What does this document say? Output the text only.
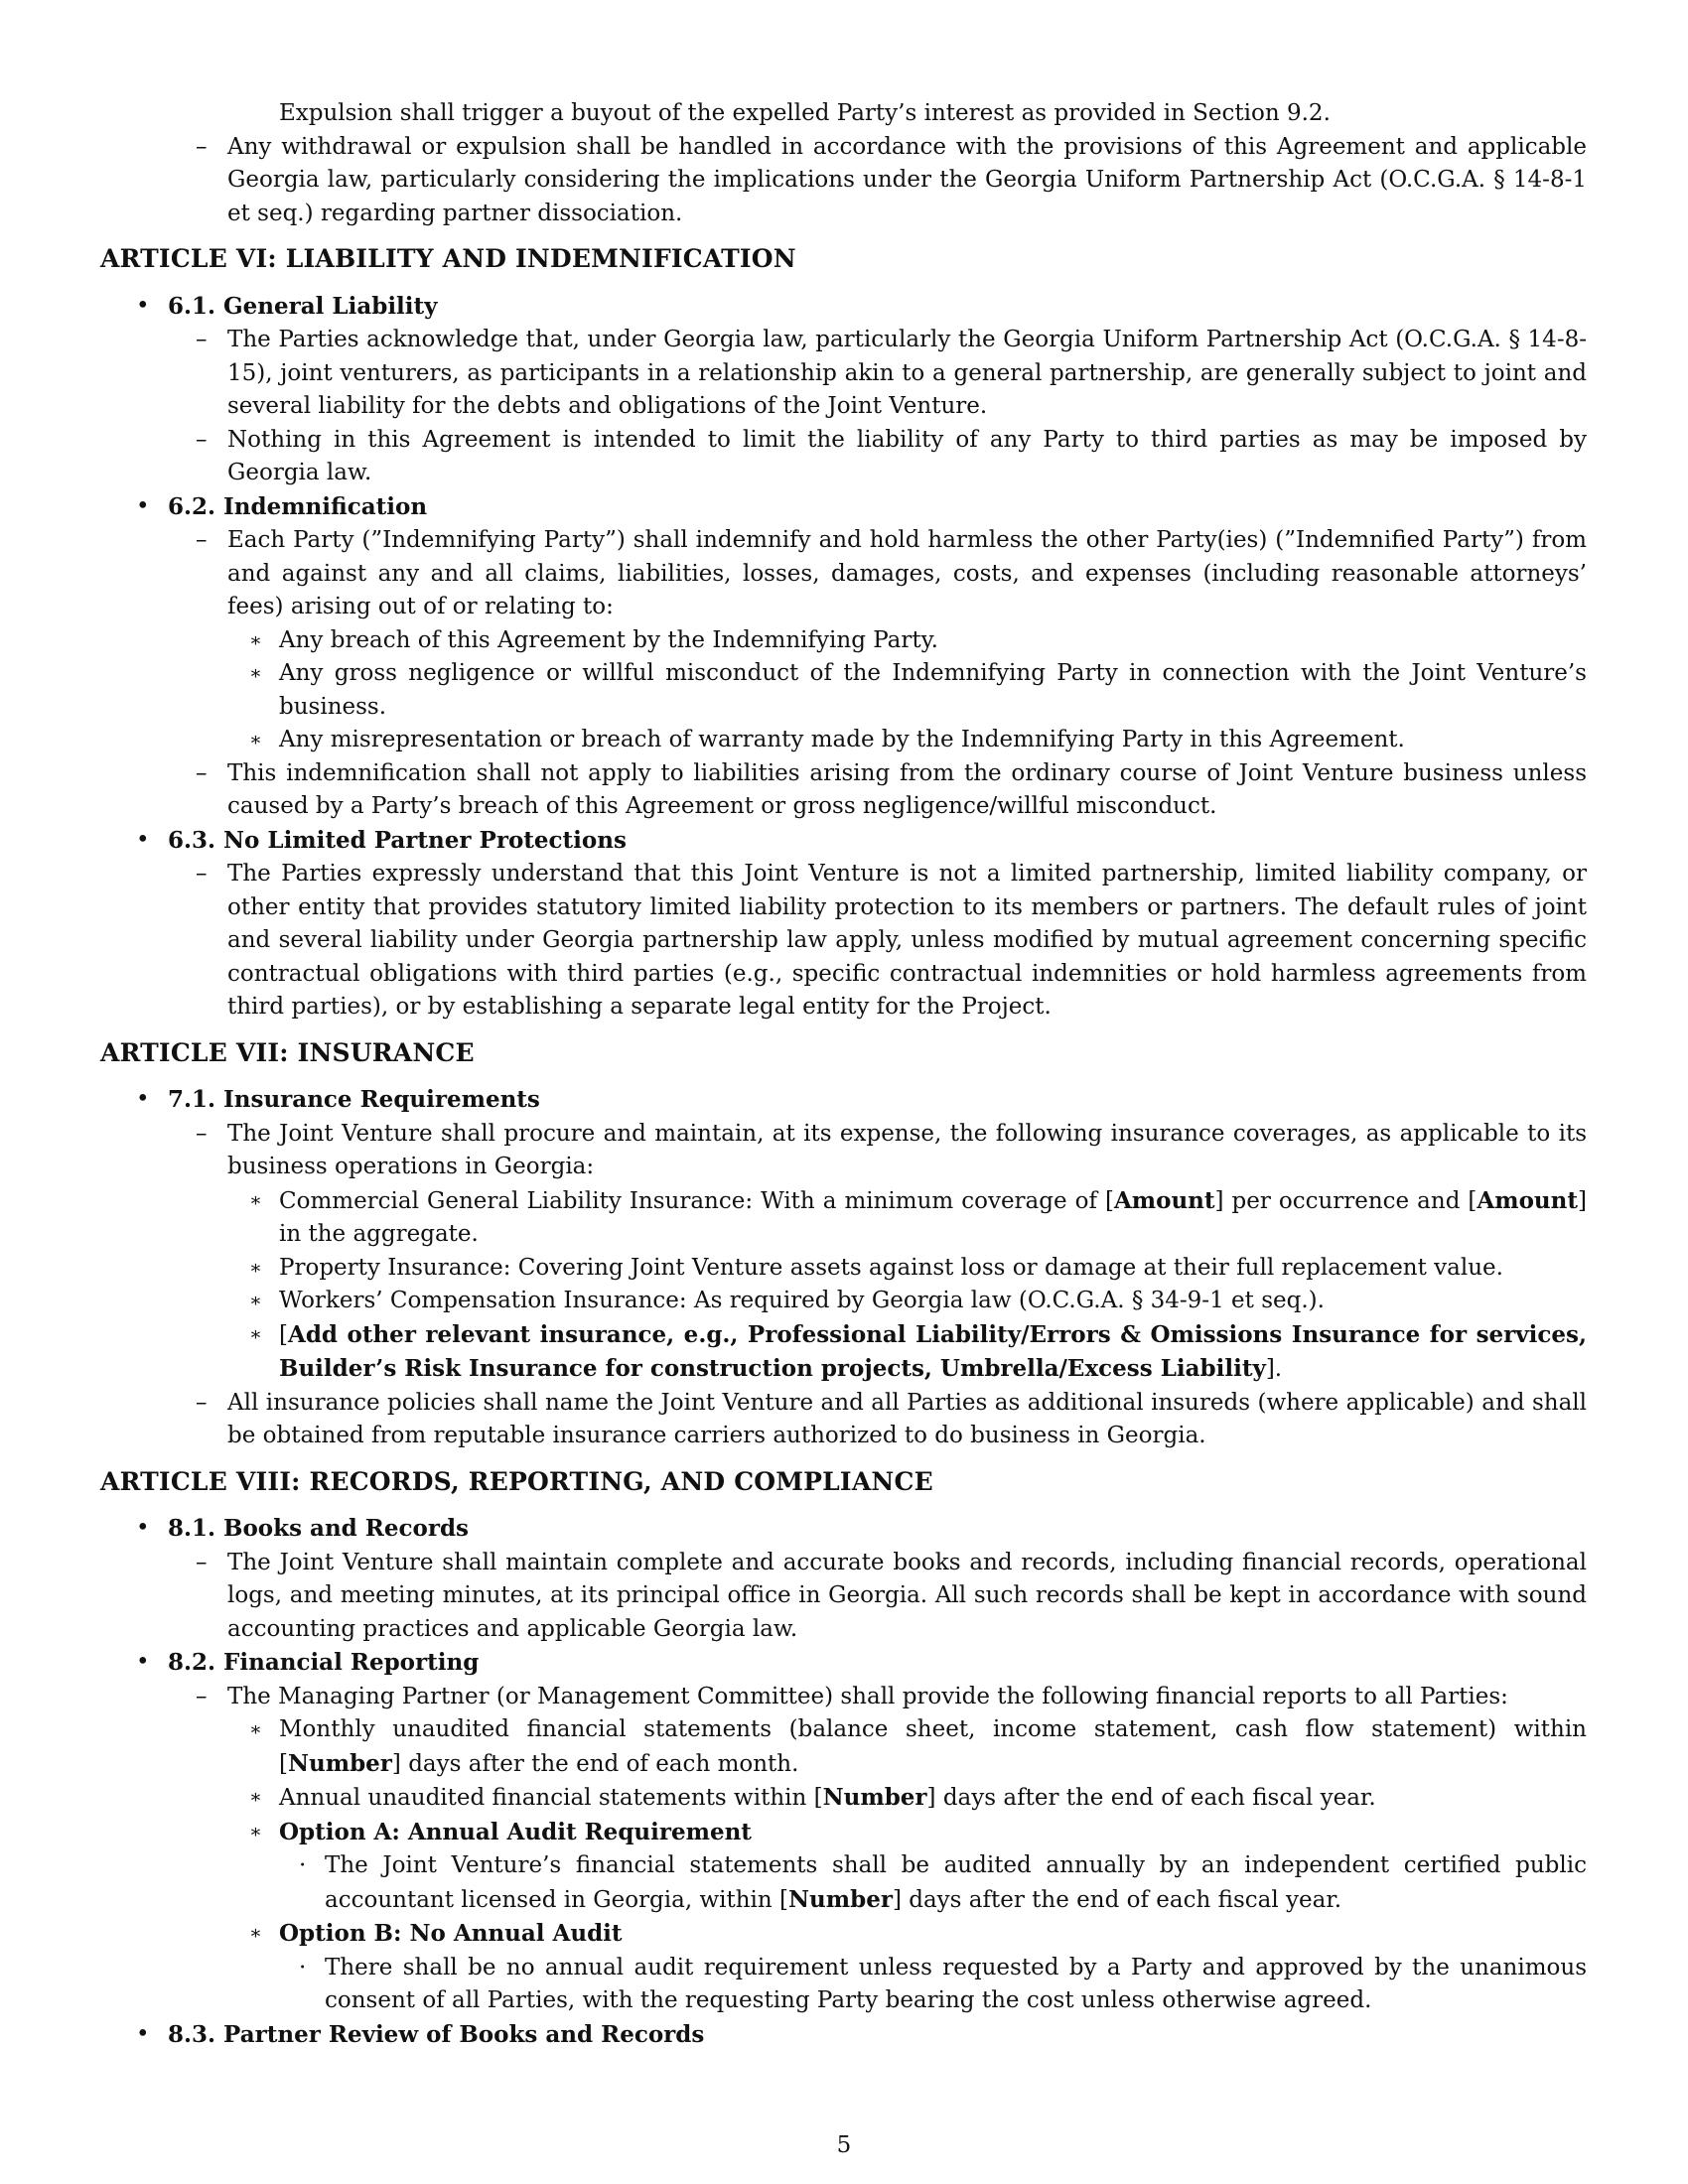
Expulsion shall trigger a buyout of the expelled Party’s interest as provided in Section 9.2.

– Any withdrawal or expulsion shall be handled in accordance with the provisions of this Agreement and applicable Georgia law, particularly considering the implications under the Georgia Uniform Partnership Act (O.C.G.A. § 14-8-1 et seq.) regarding partner dissociation.
ARTICLE VI: LIABILITY AND INDEMNIFICATION
• 6.1. General Liability
– The Parties acknowledge that, under Georgia law, particularly the Georgia Uniform Partnership Act (O.C.G.A. § 14-8-15), joint venturers, as participants in a relationship akin to a general partnership, are generally subject to joint and several liability for the debts and obligations of the Joint Venture.
– Nothing in this Agreement is intended to limit the liability of any Party to third parties as may be imposed by Georgia law.
• 6.2. Indemnification
– Each Party (”Indemnifying Party”) shall indemnify and hold harmless the other Party(ies) (”Indemnified Party”) from and against any and all claims, liabilities, losses, damages, costs, and expenses (including reasonable attorneys’ fees) arising out of or relating to:
∗ Any breach of this Agreement by the Indemnifying Party.
∗ Any gross negligence or willful misconduct of the Indemnifying Party in connection with the Joint Venture’s business.
∗ Any misrepresentation or breach of warranty made by the Indemnifying Party in this Agreement.
– This indemnification shall not apply to liabilities arising from the ordinary course of Joint Venture business unless caused by a Party’s breach of this Agreement or gross negligence/willful misconduct.
• 6.3. No Limited Partner Protections
– The Parties expressly understand that this Joint Venture is not a limited partnership, limited liability company, or other entity that provides statutory limited liability protection to its members or partners. The default rules of joint and several liability under Georgia partnership law apply, unless modified by mutual agreement concerning specific contractual obligations with third parties (e.g., specific contractual indemnities or hold harmless agreements from third parties), or by establishing a separate legal entity for the Project.
ARTICLE VII: INSURANCE
• 7.1. Insurance Requirements
– The Joint Venture shall procure and maintain, at its expense, the following insurance coverages, as applicable to its business operations in Georgia:
∗ Commercial General Liability Insurance: With a minimum coverage of [Amount] per occurrence and [Amount] in the aggregate.
∗ Property Insurance: Covering Joint Venture assets against loss or damage at their full replacement value.
∗ Workers’ Compensation Insurance: As required by Georgia law (O.C.G.A. § 34-9-1 et seq.).
∗ [Add other relevant insurance, e.g., Professional Liability/Errors & Omissions Insurance for services, Builder’s Risk Insurance for construction projects, Umbrella/Excess Liability].
– All insurance policies shall name the Joint Venture and all Parties as additional insureds (where applicable) and shall be obtained from reputable insurance carriers authorized to do business in Georgia.
ARTICLE VIII: RECORDS, REPORTING, AND COMPLIANCE
• 8.1. Books and Records
– The Joint Venture shall maintain complete and accurate books and records, including financial records, operational logs, and meeting minutes, at its principal office in Georgia. All such records shall be kept in accordance with sound accounting practices and applicable Georgia law.
• 8.2. Financial Reporting
– The Managing Partner (or Management Committee) shall provide the following financial reports to all Parties:
∗ Monthly unaudited financial statements (balance sheet, income statement, cash flow statement) within [Number] days after the end of each month.
∗ Annual unaudited financial statements within [Number] days after the end of each fiscal year.
∗ Option A: Annual Audit Requirement
· The Joint Venture’s financial statements shall be audited annually by an independent certified public accountant licensed in Georgia, within [Number] days after the end of each fiscal year.
∗ Option B: No Annual Audit
· There shall be no annual audit requirement unless requested by a Party and approved by the unanimous consent of all Parties, with the requesting Party bearing the cost unless otherwise agreed.
• 8.3. Partner Review of Books and Records
5
